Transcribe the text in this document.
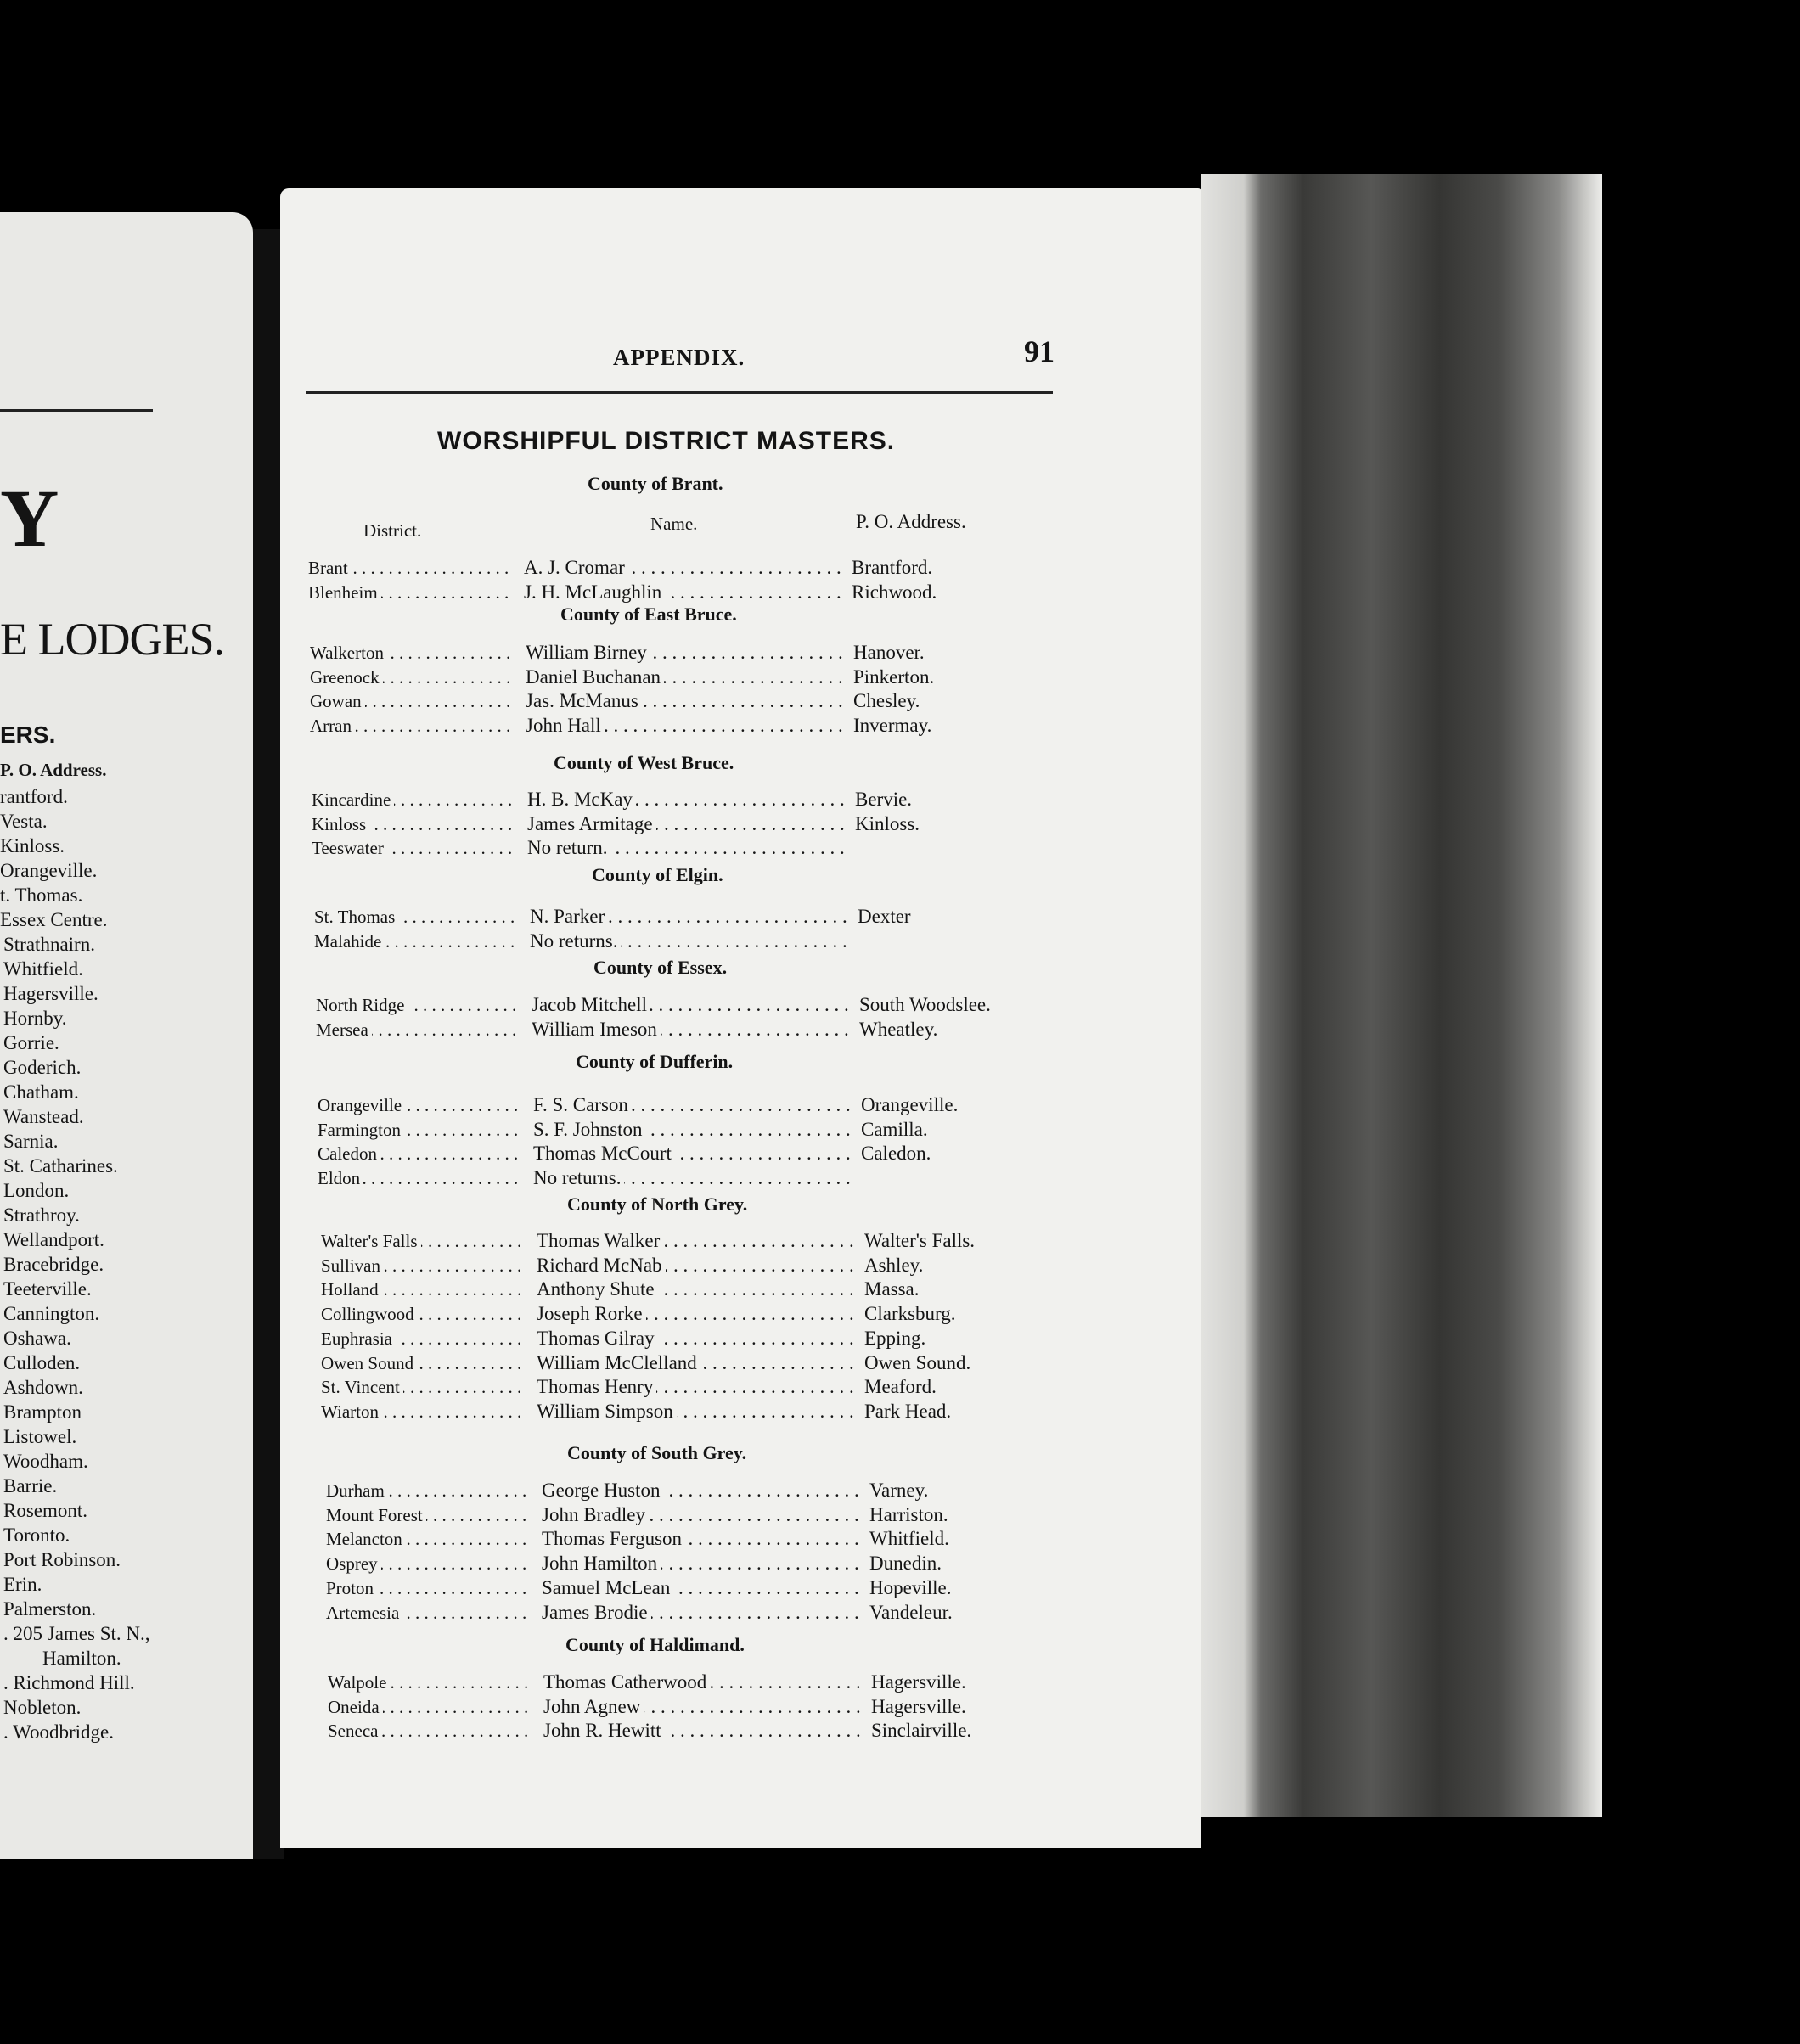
Y
E LODGES.
ERS.
P. O. Address.
rantford.
Vesta.
Kinloss.
Orangeville.
t. Thomas.
Essex Centre.
Strathnairn.
Whitfield.
Hagersville.
Hornby.
Gorrie.
Goderich.
Chatham.
Wanstead.
Sarnia.
St. Catharines.
London.
Strathroy.
Wellandport.
Bracebridge.
Teeterville.
Cannington.
Oshawa.
Culloden.
Ashdown.
Brampton
Listowel.
Woodham.
Barrie.
Rosemont.
Toronto.
Port Robinson.
Erin.
Palmerston.
. 205 James St. N.,
Hamilton.
. Richmond Hill.
Nobleton.
. Woodbridge.
APPENDIX.	91
WORSHIPFUL DISTRICT MASTERS.
County of Brant.
District.	Name.	P. O. Address.
Brant . . .	A. J. Cromar . . .	Brantford.
Blenheim . . .	J. H. McLaughlin . . .	Richwood.
County of East Bruce.
Walkerton . . .	William Birney . . .	Hanover.
Greenock . . .	Daniel Buchanan . . .	Pinkerton.
Gowan . . .	Jas. McManus . . .	Chesley.
Arran . . .	John Hall . . .	Invermay.
County of West Bruce.
Kincardine . . .	H. B. McKay . . .	Bervie.
Kinloss . . .	James Armitage . . .	Kinloss.
Teeswater . . .	No return. . . .
County of Elgin.
St. Thomas . . .	N. Parker . . .	Dexter
Malahide . . .	No returns. . . .
County of Essex.
North Ridge . . .	Jacob Mitchell . . .	South Woodslee.
Mersea . . .	William Imeson . . .	Wheatley.
County of Dufferin.
Orangeville . . .	F. S. Carson . . .	Orangeville.
Farmington . . .	S. F. Johnston . . .	Camilla.
Caledon . . .	Thomas McCourt . . .	Caledon.
Eldon . . .	No returns. . . .
County of North Grey.
Walter's Falls . . .	Thomas Walker . . .	Walter's Falls.
Sullivan . . .	Richard McNab . . .	Ashley.
Holland . . .	Anthony Shute . . .	Massa.
Collingwood . . .	Joseph Rorke . . .	Clarksburg.
Euphrasia . . .	Thomas Gilray . . .	Epping.
Owen Sound . . .	William McClelland . . .	Owen Sound.
St. Vincent . . .	Thomas Henry . . .	Meaford.
Wiarton . . .	William Simpson . . .	Park Head.
County of South Grey.
Durham . . .	George Huston . . .	Varney.
Mount Forest . . .	John Bradley . . .	Harriston.
Melancton . . .	Thomas Ferguson . . .	Whitfield.
Osprey . . .	John Hamilton . . .	Dunedin.
Proton . . .	Samuel McLean . . .	Hopeville.
Artemesia . . .	James Brodie . . .	Vandeleur.
County of Haldimand.
Walpole . . .	Thomas Catherwood . . .	Hagersville.
Oneida . . .	John Agnew . . .	Hagersville.
Seneca . . .	John R. Hewitt . . .	Sinclairville.
